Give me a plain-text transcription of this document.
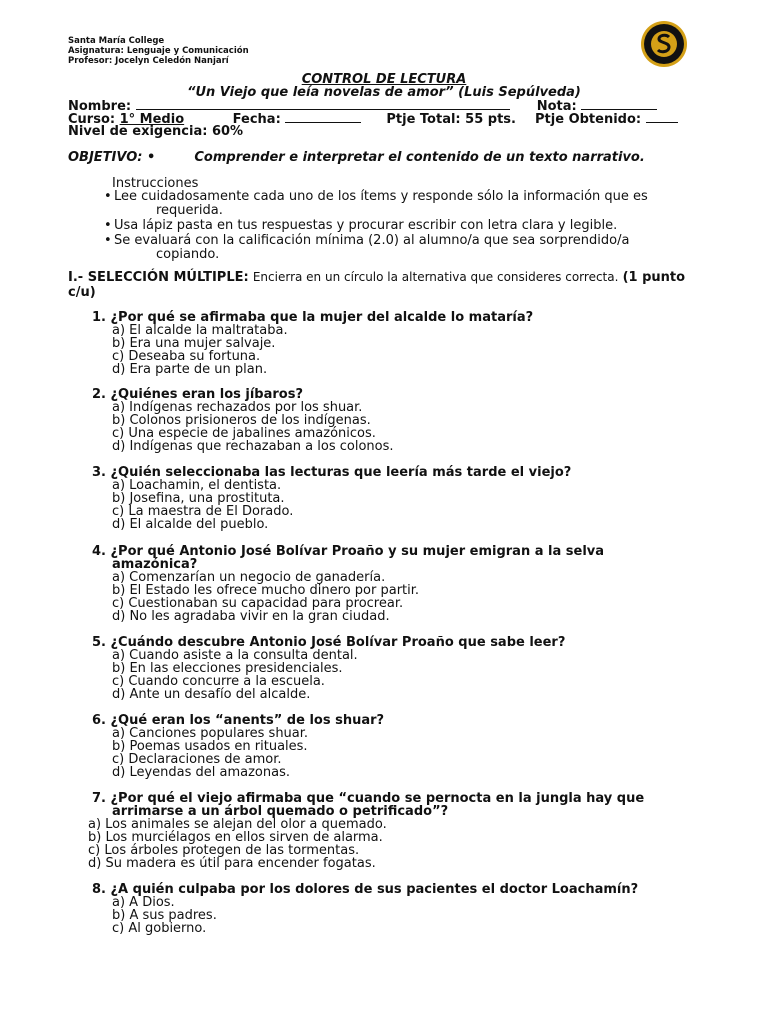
Santa María College
Asignatura: Lenguaje y Comunicación
Profesor: Jocelyn Celedón Nanjarí
CONTROL DE LECTURA
“Un Viejo que leía novelas de amor” (Luis Sepúlveda)
Nombre:	Nota:
Curso: 1° Medio	Fecha:	Ptje Total: 55 pts. Ptje Obtenido:
Nivel de exigencia: 60%
OBJETIVO: •	Comprender e interpretar el contenido de un texto narrativo.
Instrucciones
• Lee cuidadosamente cada uno de los ítems y responde sólo la información que es
requerida.
• Usa lápiz pasta en tus respuestas y procurar escribir con letra clara y legible.
• Se evaluará con la calificación mínima (2.0) al alumno/a que sea sorprendido/a
copiando.
I.- SELECCIÓN MÚLTIPLE: Encierra en un círculo la alternativa que consideres correcta. (1 punto c/u)
1. ¿Por qué se afirmaba que la mujer del alcalde lo mataría?
a) El alcalde la maltrataba.
b) Era una mujer salvaje.
c) Deseaba su fortuna.
d) Era parte de un plan.
2. ¿Quiénes eran los jíbaros?
a) Indígenas rechazados por los shuar.
b) Colonos prisioneros de los indígenas.
c) Una especie de jabalines amazónicos.
d) Indígenas que rechazaban a los colonos.
3. ¿Quién seleccionaba las lecturas que leería más tarde el viejo?
a) Loachamin, el dentista.
b) Josefina, una prostituta.
c) La maestra de El Dorado.
d) El alcalde del pueblo.
4. ¿Por qué Antonio José Bolívar Proaño y su mujer emigran a la selva
amazónica?
a) Comenzarían un negocio de ganadería.
b) El Estado les ofrece mucho dinero por partir.
c) Cuestionaban su capacidad para procrear.
d) No les agradaba vivir en la gran ciudad.
5. ¿Cuándo descubre Antonio José Bolívar Proaño que sabe leer?
a) Cuando asiste a la consulta dental.
b) En las elecciones presidenciales.
c) Cuando concurre a la escuela.
d) Ante un desafío del alcalde.
6. ¿Qué eran los “anents” de los shuar?
a) Canciones populares shuar.
b) Poemas usados en rituales.
c) Declaraciones de amor.
d) Leyendas del amazonas.
7. ¿Por qué el viejo afirmaba que “cuando se pernocta en la jungla hay que
arrimarse a un árbol quemado o petrificado”?
a) Los animales se alejan del olor a quemado.
b) Los murciélagos en ellos sirven de alarma.
c) Los árboles protegen de las tormentas.
d) Su madera es útil para encender fogatas.
8. ¿A quién culpaba por los dolores de sus pacientes el doctor Loachamín?
a) A Dios.
b) A sus padres.
c) Al gobierno.
